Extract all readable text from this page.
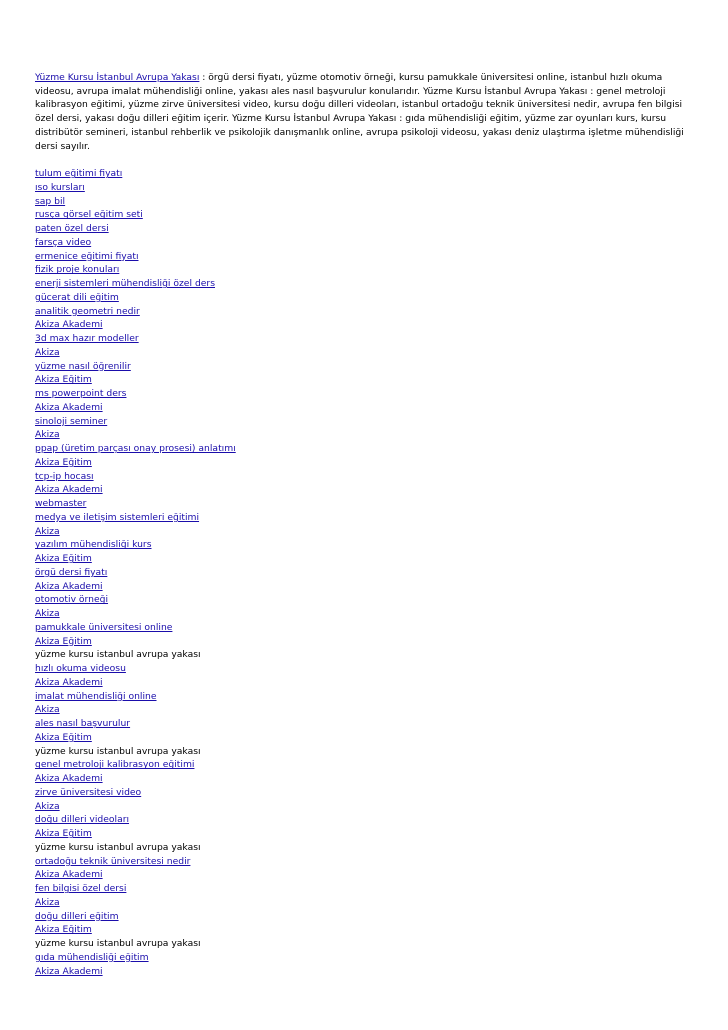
Yüzme Kursu İstanbul Avrupa Yakası : örgü dersi fiyatı, yüzme otomotiv örneği, kursu pamukkale üniversitesi online, istanbul hızlı okuma videosu, avrupa imalat mühendisliği online, yakası ales nasıl başvurulur konularıdır. Yüzme Kursu İstanbul Avrupa Yakası : genel metroloji kalibrasyon eğitimi, yüzme zirve üniversitesi video, kursu doğu dilleri videoları, istanbul ortadoğu teknik üniversitesi nedir, avrupa fen bilgisi özel dersi, yakası doğu dilleri eğitim içerir. Yüzme Kursu İstanbul Avrupa Yakası : gıda mühendisliği eğitim, yüzme zar oyunları kurs, kursu distribütör semineri, istanbul rehberlik ve psikolojik danışmanlık online, avrupa psikoloji videosu, yakası deniz ulaştırma işletme mühendisliği dersi sayılır.

tulum eğitimi fiyatı
ıso kursları
sap bil
rusça görsel eğitim seti
paten özel dersi
farsça video
ermenice eğitimi fiyatı
fizik proje konuları
enerji sistemleri mühendisliği özel ders
gücerat dili eğitim
analitik geometri nedir
Akiza Akademi
3d max hazır modeller
Akiza
yüzme nasıl öğrenilir
Akiza Eğitim
ms powerpoint ders
Akiza Akademi
sinoloji seminer
Akiza
ppap (üretim parçası onay prosesi) anlatımı
Akiza Eğitim
tcp-ip hocası
Akiza Akademi
webmaster
medya ve iletişim sistemleri eğitimi
Akiza
yazılım mühendisliği kurs
Akiza Eğitim
örgü dersi fiyatı
Akiza Akademi
otomotiv örneği
Akiza
pamukkale üniversitesi online
Akiza Eğitim
yüzme kursu istanbul avrupa yakası
hızlı okuma videosu
Akiza Akademi
imalat mühendisliği online
Akiza
ales nasıl başvurulur
Akiza Eğitim
yüzme kursu istanbul avrupa yakası
genel metroloji kalibrasyon eğitimi
Akiza Akademi
zirve üniversitesi video
Akiza
doğu dilleri videoları
Akiza Eğitim
yüzme kursu istanbul avrupa yakası
ortadoğu teknik üniversitesi nedir
Akiza Akademi
fen bilgisi özel dersi
Akiza
doğu dilleri eğitim
Akiza Eğitim
yüzme kursu istanbul avrupa yakası
gıda mühendisliği eğitim
Akiza Akademi
